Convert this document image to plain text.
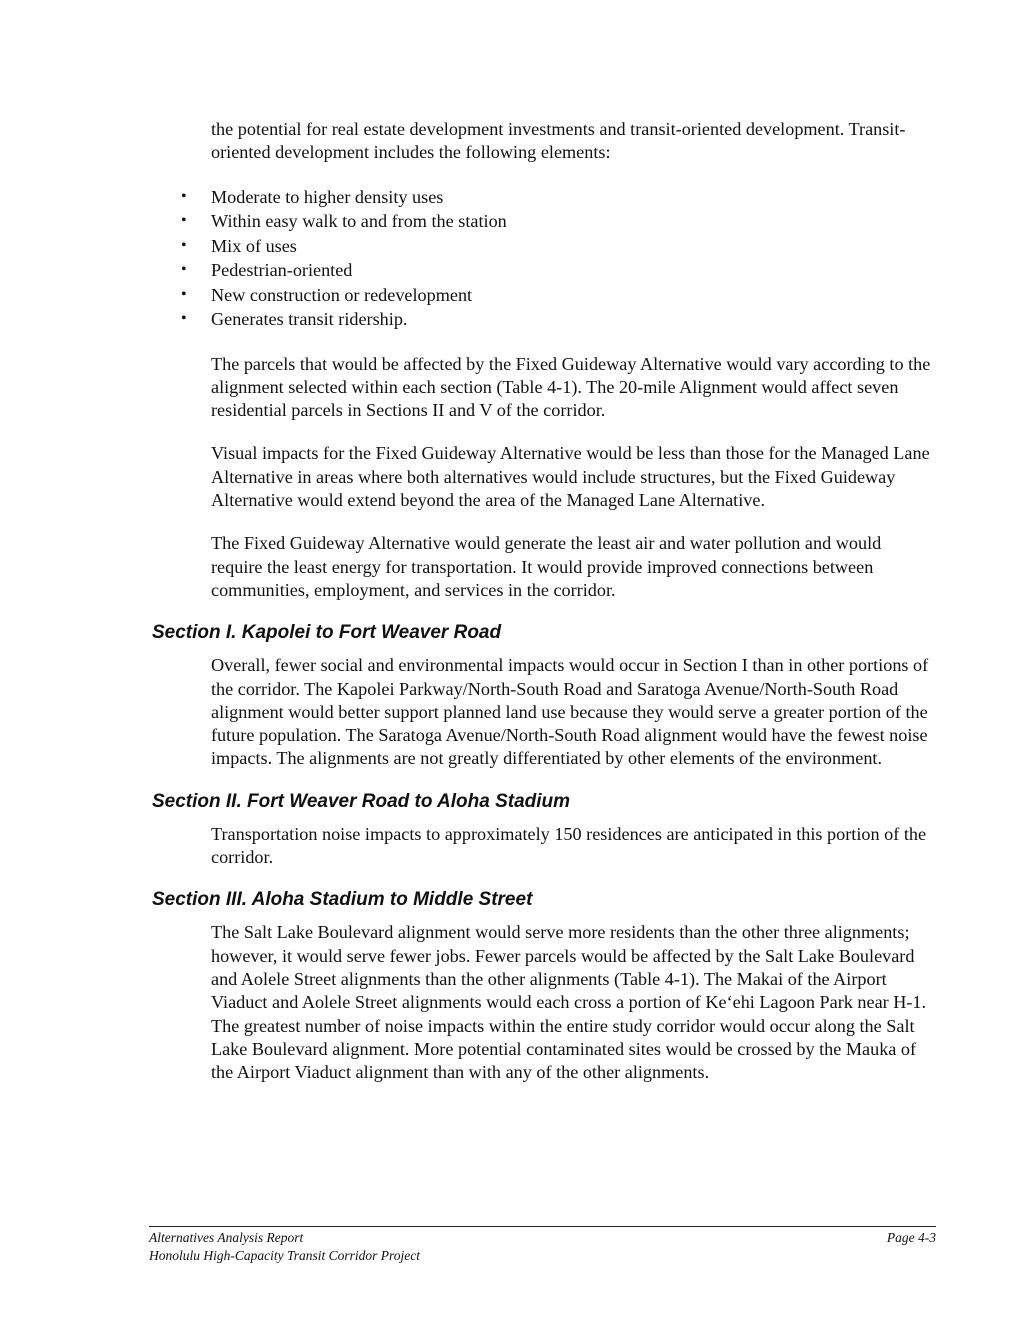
the potential for real estate development investments and transit-oriented development. Transit-oriented development includes the following elements:

• Moderate to higher density uses
• Within easy walk to and from the station
• Mix of uses
• Pedestrian-oriented
• New construction or redevelopment
• Generates transit ridership.

The parcels that would be affected by the Fixed Guideway Alternative would vary according to the alignment selected within each section (Table 4-1). The 20-mile Alignment would affect seven residential parcels in Sections II and V of the corridor.

Visual impacts for the Fixed Guideway Alternative would be less than those for the Managed Lane Alternative in areas where both alternatives would include structures, but the Fixed Guideway Alternative would extend beyond the area of the Managed Lane Alternative.

The Fixed Guideway Alternative would generate the least air and water pollution and would require the least energy for transportation. It would provide improved connections between communities, employment, and services in the corridor.

Section I. Kapolei to Fort Weaver Road

Overall, fewer social and environmental impacts would occur in Section I than in other portions of the corridor. The Kapolei Parkway/North-South Road and Saratoga Avenue/North-South Road alignment would better support planned land use because they would serve a greater portion of the future population. The Saratoga Avenue/North-South Road alignment would have the fewest noise impacts. The alignments are not greatly differentiated by other elements of the environment.

Section II. Fort Weaver Road to Aloha Stadium

Transportation noise impacts to approximately 150 residences are anticipated in this portion of the corridor.

Section III. Aloha Stadium to Middle Street

The Salt Lake Boulevard alignment would serve more residents than the other three alignments; however, it would serve fewer jobs. Fewer parcels would be affected by the Salt Lake Boulevard and Aolele Street alignments than the other alignments (Table 4-1). The Makai of the Airport Viaduct and Aolele Street alignments would each cross a portion of Ke‘ehi Lagoon Park near H-1. The greatest number of noise impacts within the entire study corridor would occur along the Salt Lake Boulevard alignment. More potential contaminated sites would be crossed by the Mauka of the Airport Viaduct alignment than with any of the other alignments.

Alternatives Analysis Report
Honolulu High-Capacity Transit Corridor Project
Page 4-3
